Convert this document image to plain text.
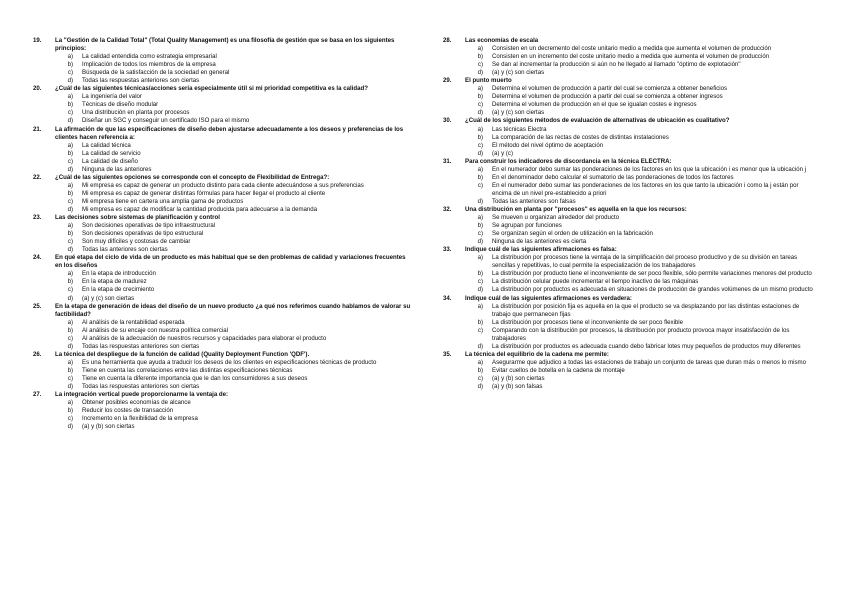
19.	La "Gestión de la Calidad Total" (Total Quality Management) es una filosofía de gestión que se basa en los siguientes principios:
a)	La calidad entendida como estrategia empresarial
b)	Implicación de todos los miembros de la empresa
c)	Búsqueda de la satisfacción de la sociedad en general
d)	Todas las respuestas anteriores son ciertas
20.	¿Cuál de las siguientes técnicas/acciones sería especialmente útil si mi prioridad competitiva es la calidad?
a)	La ingeniería del valor
b)	Técnicas de diseño modular
c)	Una distribución en planta por procesos
d)	Diseñar un SGC y conseguir un certificado ISO para el mismo
21.	La afirmación de que las especificaciones de diseño deben ajustarse adecuadamente a los deseos y preferencias de los clientes hacen referencia a:
a)	La calidad técnica
b)	La calidad de servicio
c)	La calidad de diseño
d)	Ninguna de las anteriores
22.	¿Cuál de las siguientes opciones se corresponde con el concepto de Flexibilidad de Entrega?:
a)	Mi empresa es capaz de generar un producto distinto para cada cliente adecuándose a sus preferencias
b)	Mi empresa es capaz de generar distintas fórmulas para hacer llegar el producto al cliente
c)	Mi empresa tiene en cartera una amplia gama de productos
d)	Mi empresa es capaz de modificar la cantidad producida para adecuarse a la demanda
23.	Las decisiones sobre sistemas de planificación y control
a)	Son decisiones operativas de tipo infraestructural
b)	Son decisiones operativas de tipo estructural
c)	Son muy difíciles y costosas de cambiar
d)	Todas las anteriores son ciertas
24.	En qué etapa del ciclo de vida de un producto es más habitual que se den problemas de calidad y variaciones frecuentes en los diseños
a)	En la etapa de introducción
b)	En la etapa de madurez
c)	En la etapa de crecimiento
d)	(a) y (c) son ciertas
25.	En la etapa de generación de ideas del diseño de un nuevo producto ¿a qué nos referimos cuando hablamos de valorar su factibilidad?
a)	Al análisis de la rentabilidad esperada
b)	Al análisis de su encaje con nuestra política comercial
c)	Al análisis de la adecuación de nuestros recursos y capacidades para elaborar el producto
d)	Todas las respuestas anteriores son ciertas
26.	La técnica del despliegue de la función de calidad (Quality Deployment Function 'QDF').
a)	Es una herramienta que ayuda a traducir los deseos de los clientes en especificaciones técnicas de producto
b)	Tiene en cuenta las correlaciones entre las distintas especificaciones técnicas
c)	Tiene en cuenta la diferente importancia que le dan los consumidores a sus deseos
d)	Todas las respuestas anteriores son ciertas
27.	La integración vertical puede proporcionarme la ventaja de:
a)	Obtener posibles economías de alcance
b)	Reducir los costes de transacción
c)	Incremento en la flexibilidad de la empresa
d)	(a) y (b) son ciertas
28.	Las economías de escala
a)	Consisten en un decremento del coste unitario medio a medida que aumenta el volumen de producción
b)	Consisten en un incremento del coste unitario medio a medida que aumenta el volumen de producción
c)	Se dan al incrementar la producción si aún no he llegado al llamado "óptimo de explotación"
d)	(a) y (c) son ciertas
29.	El punto muerto
a)	Determina el volumen de producción a partir del cual se comienza a obtener beneficios
b)	Determina el volumen de producción a partir del cual se comienza a obtener ingresos
c)	Determina el volumen de producción en el que se igualan costes e ingresos
d)	(a) y (c) son ciertas
30.	¿Cuál de los siguientes métodos de evaluación de alternativas de ubicación es cualitativo?
a)	Las técnicas Electra
b)	La comparación de las rectas de costes de distintas instalaciones
c)	El método del nivel óptimo de aceptación
d)	(a) y (c)
31.	Para construir los indicadores de discordancia en la técnica ELECTRA:
a)	En el numerador debo sumar las ponderaciones de los factores en los que la ubicación i es menor que la ubicación j
b)	En el denominador debo calcular el sumatorio de las ponderaciones de todos los factores
c)	En el numerador debo sumar las ponderaciones de los factores en los que tanto la ubicación i como la j están por encima de un nivel pre-establecido a priori
d)	Todas las anteriores son falsas
32.	Una distribución en planta por "procesos" es aquella en la que los recursos:
a)	Se mueven u organizan alrededor del producto
b)	Se agrupan por funciones
c)	Se organizan según el orden de utilización en la fabricación
d)	Ninguna de las anteriores es cierta
33.	Indique cuál de las siguientes afirmaciones es falsa:
a)	La distribución por procesos tiene la ventaja de la simplificación del proceso productivo y de su división en tareas sencillas y repetitivas, lo cual permite la especialización de los trabajadores
b)	La distribución por producto tiene el inconveniente de ser poco flexible, sólo permite variaciones menores del producto
c)	La distribución celular puede incrementar el tiempo inactivo de las máquinas
d)	La distribución por productos es adecuada en situaciones de producción de grandes volúmenes de un mismo producto
34.	Indique cuál de las siguientes afirmaciones es verdadera:
a)	La distribución por posición fija es aquella en la que el producto se va desplazando por las distintas estaciones de trabajo que permanecen fijas
b)	La distribución por procesos tiene el inconveniente de ser poco flexible
c)	Comparando con la distribución por procesos, la distribución por producto provoca mayor insatisfacción de los trabajadores
d)	La distribución por productos es adecuada cuando debo fabricar lotes muy pequeños de productos muy diferentes
35.	La técnica del equilibrio de la cadena me permite:
a)	Asegurarme que adjudico a todas las estaciones de trabajo un conjunto de tareas que duran más o menos lo mismo
b)	Evitar cuellos de botella en la cadena de montaje
c)	(a) y (b) son ciertas
d)	(a) y (b) son falsas
